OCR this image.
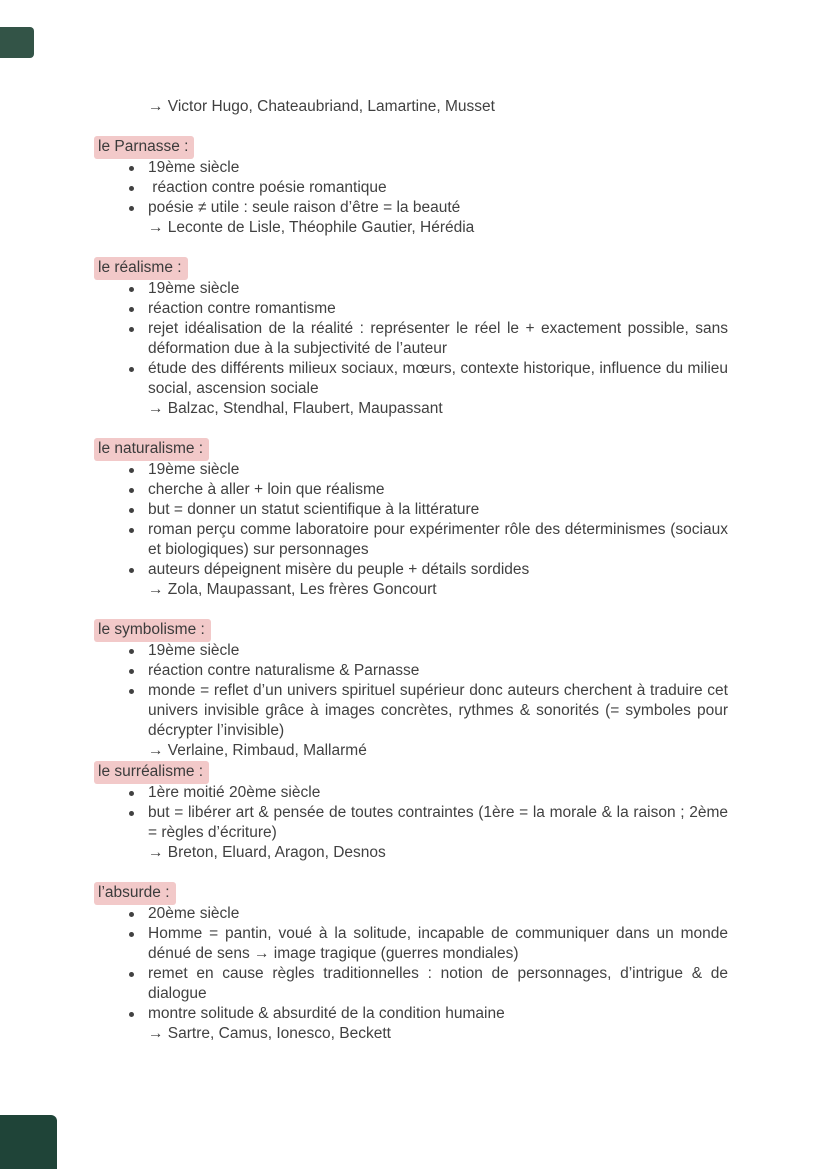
→ Victor Hugo, Chateaubriand, Lamartine, Musset
le Parnasse :
19ème siècle
réaction contre poésie romantique
poésie ≠ utile : seule raison d’être = la beauté
→ Leconte de Lisle, Théophile Gautier, Hérédia
le réalisme :
19ème siècle
réaction contre romantisme
rejet idéalisation de la réalité : représenter le réel le + exactement possible, sans déformation due à la subjectivité de l’auteur
étude des différents milieux sociaux, mœurs, contexte historique, influence du milieu social, ascension sociale
→ Balzac, Stendhal, Flaubert, Maupassant
le naturalisme :
19ème siècle
cherche à aller + loin que réalisme
but = donner un statut scientifique à la littérature
roman perçu comme laboratoire pour expérimenter rôle des déterminismes (sociaux et biologiques) sur personnages
auteurs dépeignent misère du peuple + détails sordides
→ Zola, Maupassant, Les frères Goncourt
le symbolisme :
19ème siècle
réaction contre naturalisme & Parnasse
monde = reflet d’un univers spirituel supérieur donc auteurs cherchent à traduire cet univers invisible grâce à images concrètes, rythmes & sonorités (= symboles pour décrypter l’invisible)
→ Verlaine, Rimbaud, Mallarmé
le surréalisme :
1ère moitié 20ème siècle
but = libérer art & pensée de toutes contraintes (1ère = la morale & la raison ; 2ème = règles d’écriture)
→ Breton, Eluard, Aragon, Desnos
l’absurde :
20ème siècle
Homme = pantin, voué à la solitude, incapable de communiquer dans un monde dénué de sens → image tragique (guerres mondiales)
remet en cause règles traditionnelles : notion de personnages, d’intrigue & de dialogue
montre solitude & absurdité de la condition humaine
→ Sartre, Camus, Ionesco, Beckett
